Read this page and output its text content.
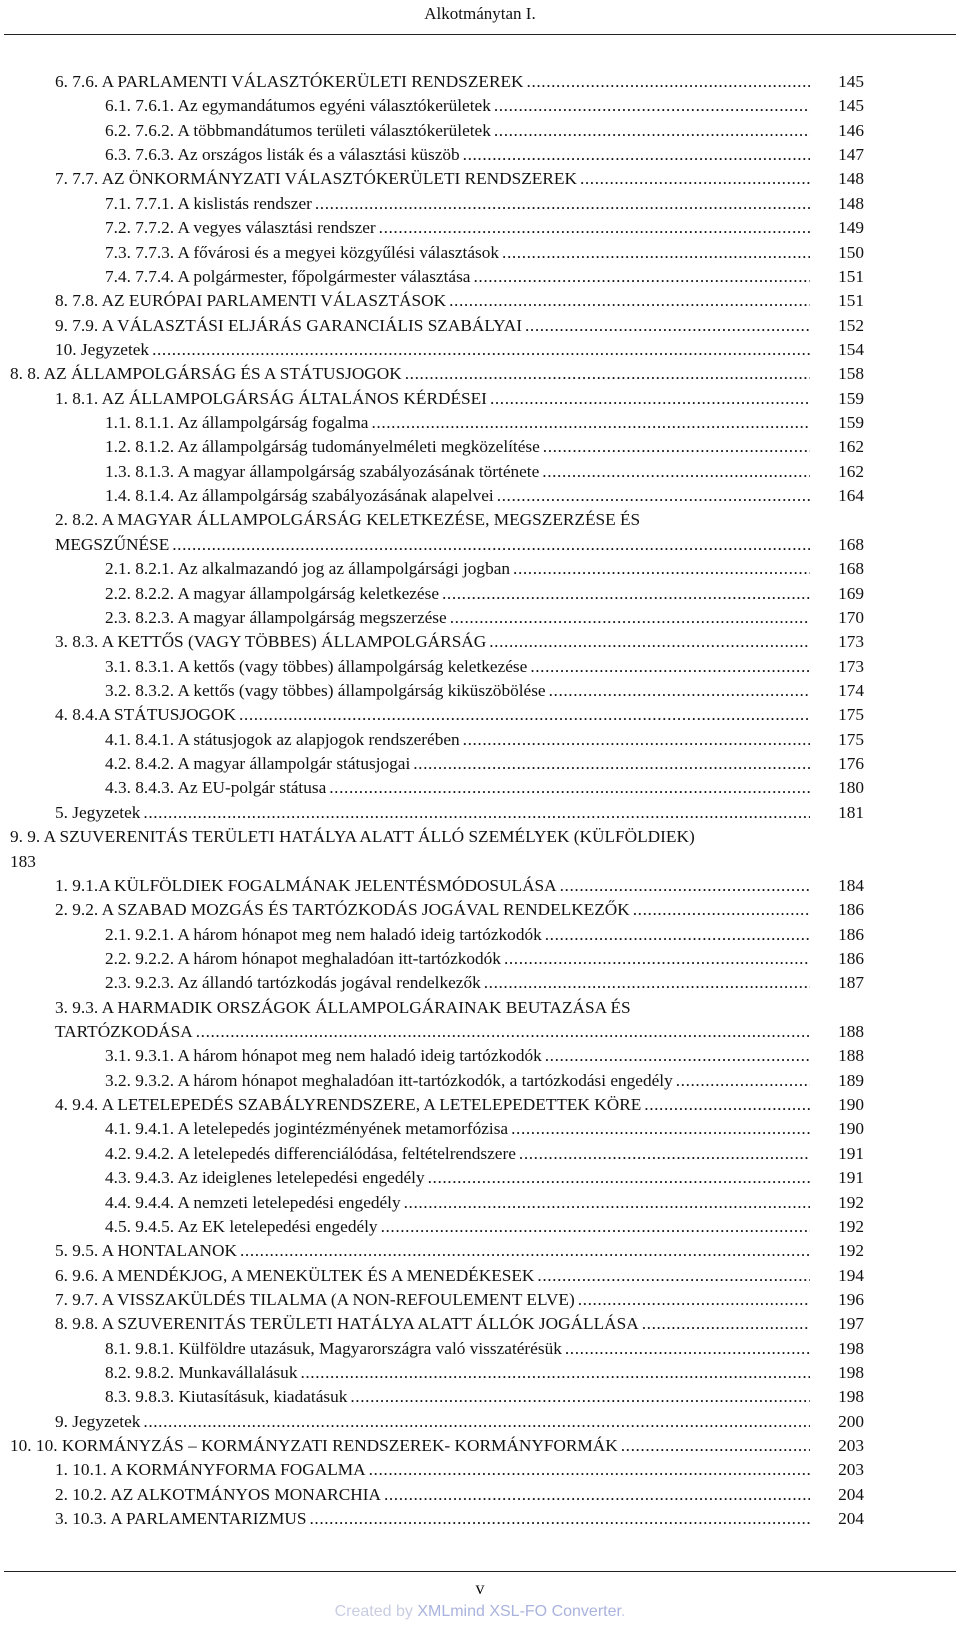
Alkotmánytan I.
6. 7.6. A PARLAMENTI VÁLASZTÓKERÜLETI RENDSZEREK .....	145
6.1. 7.6.1. Az egymandátumos egyéni választókerületek .....	145
6.2. 7.6.2. A többmandátumos területi választókerületek .....	146
6.3. 7.6.3. Az országos listák és a választási küszöb .....	147
7. 7.7. AZ ÖNKORMÁNYZATI VÁLASZTÓKERÜLETI RENDSZEREK .....	148
7.1. 7.7.1. A kislistás rendszer .....	148
7.2. 7.7.2. A vegyes választási rendszer .....	149
7.3. 7.7.3. A fővárosi és a megyei közgyűlési választások .....	150
7.4. 7.7.4. A polgármester, főpolgármester választása .....	151
8. 7.8. AZ EURÓPAI PARLAMENTI VÁLASZTÁSOK .....	151
9. 7.9. A VÁLASZTÁSI ELJÁRÁS GARANCIÁLIS SZABÁLYAI .....	152
10. Jegyzetek .....	154
8. 8. AZ ÁLLAMPOLGÁRSÁG ÉS A STÁTUSJOGOK .....	158
1. 8.1. AZ ÁLLAMPOLGÁRSÁG ÁLTALÁNOS KÉRDÉSEI .....	159
1.1. 8.1.1. Az állampolgárság fogalma .....	159
1.2. 8.1.2. Az állampolgárság tudományelméleti megközelítése .....	162
1.3. 8.1.3. A magyar állampolgárság szabályozásának története .....	162
1.4. 8.1.4. Az állampolgárság szabályozásának alapelvei .....	164
2. 8.2. A MAGYAR ÁLLAMPOLGÁRSÁG KELETKEZÉSE, MEGSZERZÉSE ÉS
MEGSZŰNÉSE .....	168
2.1. 8.2.1. Az alkalmazandó jog az állampolgársági jogban .....	168
2.2. 8.2.2. A magyar állampolgárság keletkezése .....	169
2.3. 8.2.3. A magyar állampolgárság megszerzése .....	170
3. 8.3. A KETTŐS (VAGY TÖBBES) ÁLLAMPOLGÁRSÁG .....	173
3.1. 8.3.1. A kettős (vagy többes) állampolgárság keletkezése .....	173
3.2. 8.3.2. A kettős (vagy többes) állampolgárság kiküszöbölése .....	174
4. 8.4.A STÁTUSJOGOK .....	175
4.1. 8.4.1. A státusjogok az alapjogok rendszerében .....	175
4.2. 8.4.2. A magyar állampolgár státusjogai .....	176
4.3. 8.4.3. Az EU-polgár státusa .....	180
5. Jegyzetek .....	181
9. 9. A SZUVERENITÁS TERÜLETI HATÁLYA ALATT ÁLLÓ SZEMÉLYEK (KÜLFÖLDIEK)
183
1. 9.1.A KÜLFÖLDIEK FOGALMÁNAK JELENTÉSMÓDOSULÁSA .....	184
2. 9.2. A SZABAD MOZGÁS ÉS TARTÓZKODÁS JOGÁVAL RENDELKEZŐK .....	186
2.1. 9.2.1. A három hónapot meg nem haladó ideig tartózkodók .....	186
2.2. 9.2.2. A három hónapot meghaladóan itt-tartózkodók .....	186
2.3. 9.2.3. Az állandó tartózkodás jogával rendelkezők .....	187
3. 9.3. A HARMADIK ORSZÁGOK ÁLLAMPOLGÁRAINAK BEUTAZÁSA ÉS
TARTÓZKODÁSA .....	188
3.1. 9.3.1. A három hónapot meg nem haladó ideig tartózkodók .....	188
3.2. 9.3.2. A három hónapot meghaladóan itt-tartózkodók, a tartózkodási engedély .....	189
4. 9.4. A LETELEPEDÉS SZABÁLYRENDSZERE, A LETELEPEDETTEK KÖRE .....	190
4.1. 9.4.1. A letelepedés jogintézményének metamorfózisa .....	190
4.2. 9.4.2. A letelepedés differenciálódása, feltételrendszere .....	191
4.3. 9.4.3. Az ideiglenes letelepedési engedély .....	191
4.4. 9.4.4. A nemzeti letelepedési engedély .....	192
4.5. 9.4.5. Az EK letelepedési engedély .....	192
5. 9.5. A HONTALANOK .....	192
6. 9.6. A MENDÉKJOG, A MENEKÜLTEK ÉS A MENEDÉKESEK .....	194
7. 9.7. A VISSZAKÜLDÉS TILALMA (A NON-REFOULEMENT ELVE) .....	196
8. 9.8. A SZUVERENITÁS TERÜLETI HATÁLYA ALATT ÁLLÓK JOGÁLLÁSA .....	197
8.1. 9.8.1. Külföldre utazásuk, Magyarországra való visszatérésük .....	198
8.2. 9.8.2. Munkavállalásuk .....	198
8.3. 9.8.3. Kiutasításuk, kiadatásuk .....	198
9. Jegyzetek .....	200
10. 10. KORMÁNYZÁS – KORMÁNYZATI RENDSZEREK- KORMÁNYFORMÁK .....	203
1. 10.1. A KORMÁNYFORMA FOGALMA .....	203
2. 10.2. AZ ALKOTMÁNYOS MONARCHIA .....	204
3. 10.3. A PARLAMENTARIZMUS .....	204
v
Created by XMLmind XSL-FO Converter.
